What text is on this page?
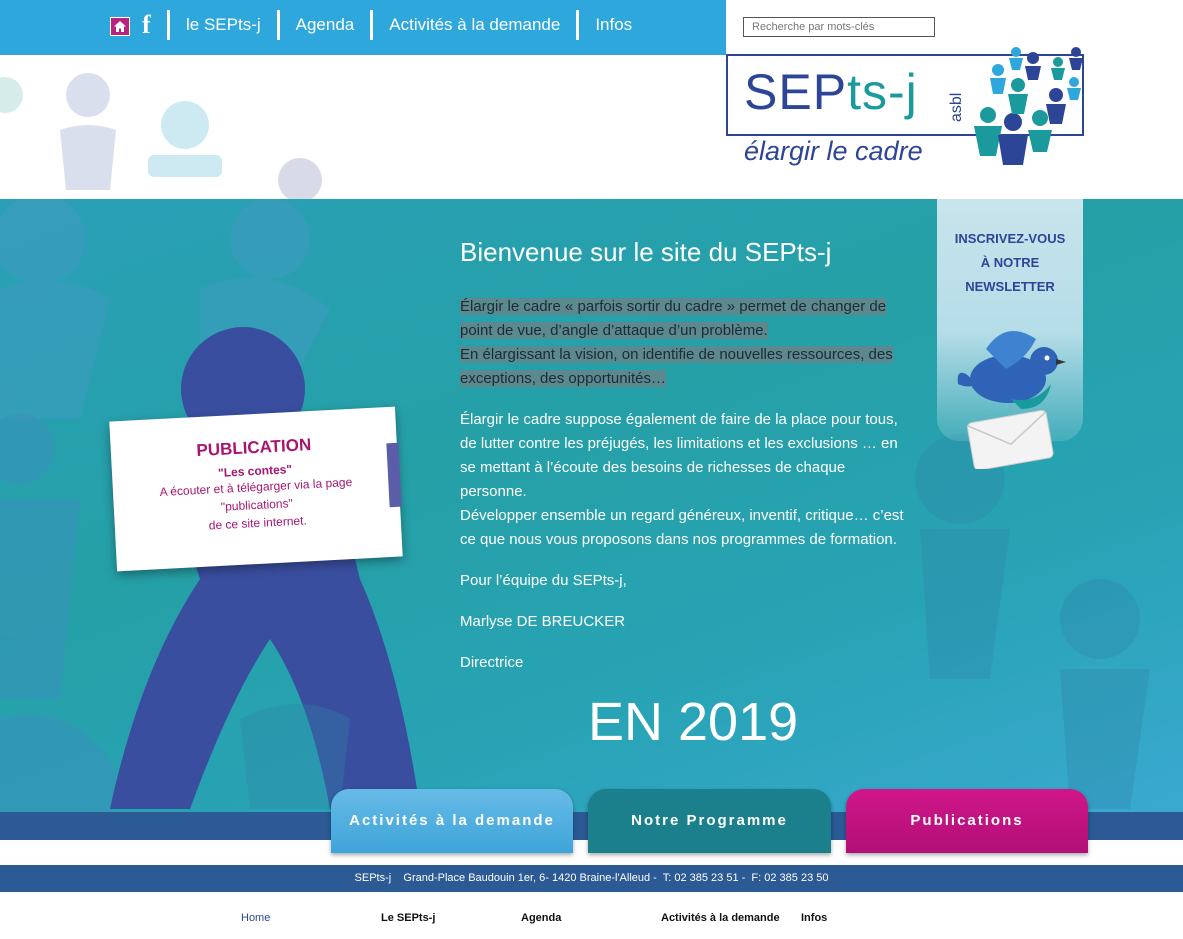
f	le SEPts-j	Agenda	Activités à la demande	Infos
Recherche par mots-clés
SEPts-j asbl
élargir le cadre
Bienvenue sur le site du SEPts-j
Élargir le cadre « parfois sortir du cadre » permet de changer de point de vue, d’angle d’attaque d’un problème.
En élargissant la vision, on identifie de nouvelles ressources, des exceptions, des opportunités…
Élargir le cadre suppose également de faire de la place pour tous, de lutter contre les préjugés, les limitations et les exclusions … en se mettant à l’écoute des besoins de richesses de chaque personne.
Développer ensemble un regard généreux, inventif, critique… c’est ce que nous vous proposons dans nos programmes de formation.
Pour l’équipe du SEPts-j,
Marlyse DE BREUCKER
Directrice
EN 2019
PUBLICATION
"Les contes"
A écouter et à télégarger via la page
"publications"
de ce site internet.
INSCRIVEZ-VOUS
À NOTRE
NEWSLETTER
Activités à la demande	Notre Programme	Publications
SEPts-j    Grand-Place Baudouin 1er, 6- 1420 Braine-l'Alleud -  T: 02 385 23 51 -  F: 02 385 23 50
Home	Le SEPts-j	Agenda	Activités à la demande Infos
